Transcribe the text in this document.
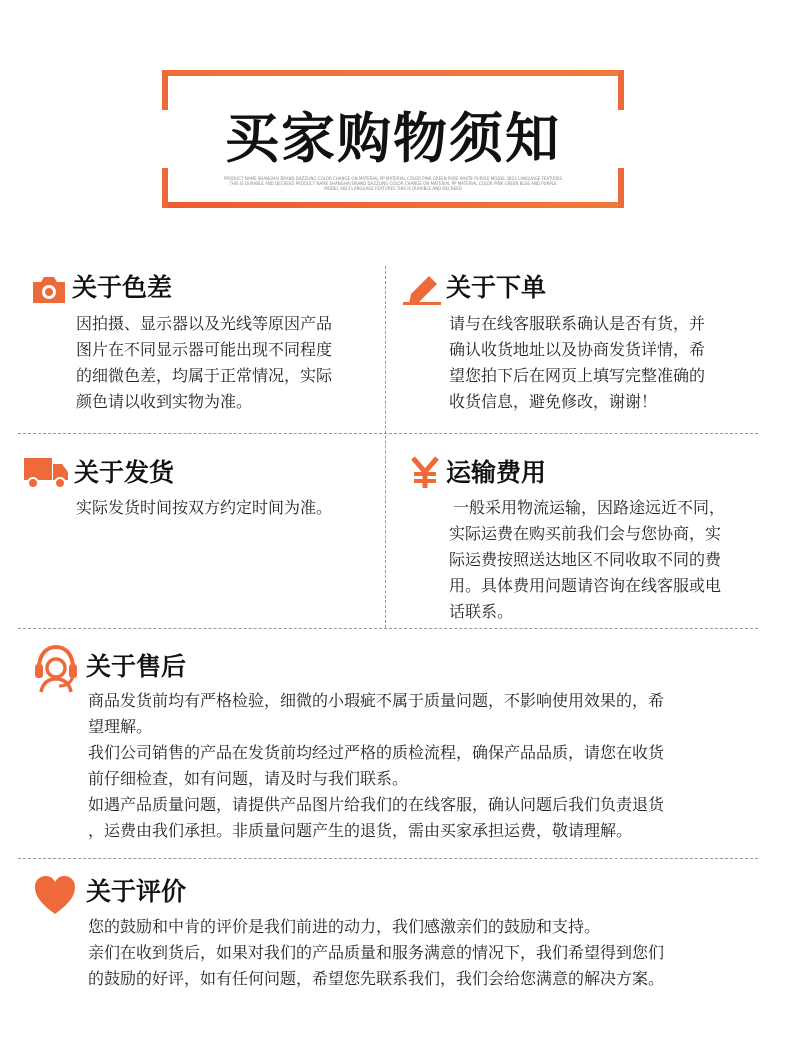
买家购物须知
PRODUCT NAME SHANGHAI BRAND DAZZLING COLOR CHANGE ON MATERIAL PP MATERIAL COLOR PINK GREEN PURE WHITE PURPLE MODEL 3823 LANGUAGE FEATURES THIS IS DURABLE AND DECREED PRODUCT NAME SHANGHAI BRAND DAZZLING COLOR CHANGE ON MATERIAL PP MATERIAL COLOR PINK GREEN BLUE AND PURPLE MODEL 3823 LANGUAGE FEATURES THIS IS DURABLE AND DECREED
关于色差

因拍摄、显示器以及光线等原因产品

图片在不同显示器可能出现不同程度

的细微色差，均属于正常情况，实际

颜色请以收到实物为准。

关于下单

请与在线客服联系确认是否有货，并

确认收货地址以及协商发货详情，希

望您拍下后在网页上填写完整准确的

收货信息，避免修改，谢谢！

关于发货

实际发货时间按双方约定时间为准。

运输费用

一般采用物流运输，因路途远近不同，

实际运费在购买前我们会与您协商，实

际运费按照送达地区不同收取不同的费

用。具体费用问题请咨询在线客服或电

话联系。

关于售后

商品发货前均有严格检验，细微的小瑕疵不属于质量问题，不影响使用效果的，希

望理解。

我们公司销售的产品在发货前均经过严格的质检流程，确保产品品质，请您在收货

前仔细检查，如有问题，请及时与我们联系。

如遇产品质量问题，请提供产品图片给我们的在线客服，确认问题后我们负责退货

，运费由我们承担。非质量问题产生的退货，需由买家承担运费，敬请理解。

关于评价

您的鼓励和中肯的评价是我们前进的动力，我们感激亲们的鼓励和支持。

亲们在收到货后，如果对我们的产品质量和服务满意的情况下，我们希望得到您们

的鼓励的好评，如有任何问题，希望您先联系我们，我们会给您满意的解决方案。
